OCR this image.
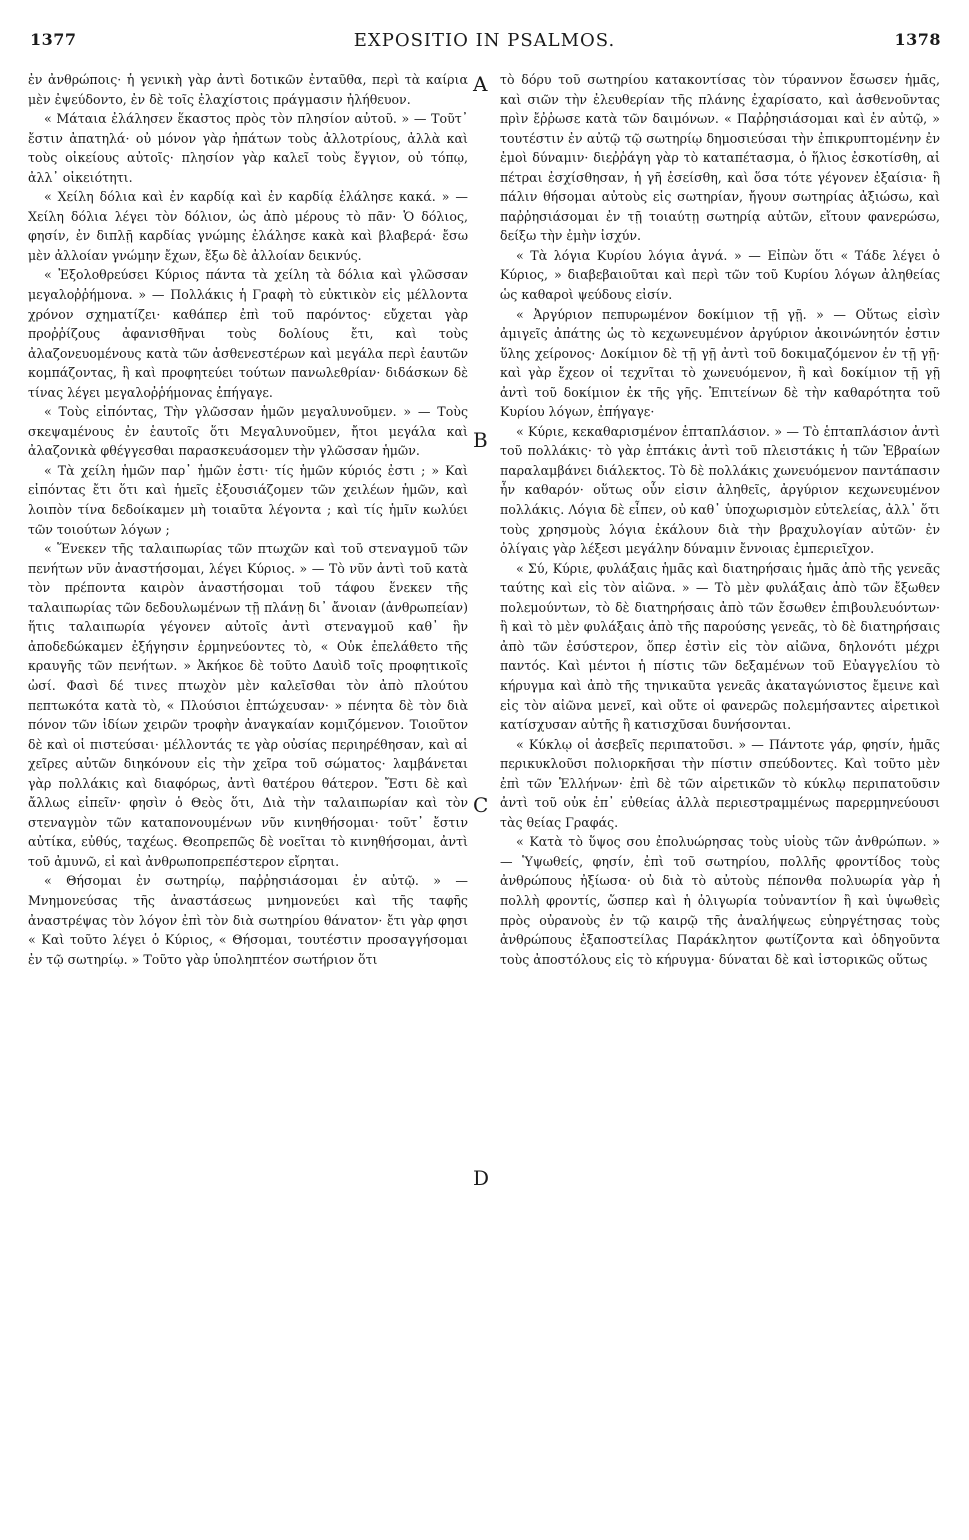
1377	EXPOSITIO IN PSALMOS.	1378
A
B
C
D

ἐν ἀνθρώποις· ἡ γενικὴ γὰρ ἀντὶ δοτικῶν ἐνταῦθα, περὶ τὰ καίρια μὲν ἐψεύδοντο, ἐν δὲ τοῖς ἐλαχίστοις πράγμασιν ἠλήθευον.

« Μάταια ἐλάλησεν ἕκαστος πρὸς τὸν πλησίον αὐτοῦ. » — Τοῦτ᾽ ἔστιν ἀπατηλά· οὐ μόνον γὰρ ἠπάτων τοὺς ἀλλοτρίους, ἀλλὰ καὶ τοὺς οἰκείους αὐτοῖς· πλησίον γὰρ καλεῖ τοὺς ἔγγιον, οὐ τόπῳ, ἀλλ᾽ οἰκειότητι.

« Χείλη δόλια καὶ ἐν καρδίᾳ καὶ ἐν καρδίᾳ ἐλάλησε κακά. » — Χείλη δόλια λέγει τὸν δόλιον, ὡς ἀπὸ μέρους τὸ πᾶν· Ὁ δόλιος, φησίν, ἐν διπλῇ καρδίας γνώμης ἐλάλησε κακὰ καὶ βλαβερά· ἔσω μὲν ἀλλοίαν γνώμην ἔχων, ἔξω δὲ ἀλλοίαν δεικνύς.

« Ἐξολοθρεύσει Κύριος πάντα τὰ χείλη τὰ δόλια καὶ γλῶσσαν μεγαλοῤῥήμονα. » — Πολλάκις ἡ Γραφὴ τὸ εὐκτικὸν εἰς μέλλοντα χρόνον σχηματίζει· καθάπερ ἐπὶ τοῦ παρόντος· εὔχεται γὰρ προῤῥίζους ἀφανισθῆναι τοὺς δολίους ἔτι, καὶ τοὺς ἀλαζονευομένους κατὰ τῶν ἀσθενεστέρων καὶ μεγάλα περὶ ἑαυτῶν κομπάζοντας, ἢ καὶ προφητεύει τούτων πανωλεθρίαν· διδάσκων δὲ τίνας λέγει μεγαλοῤῥήμονας ἐπήγαγε.

« Τοὺς εἰπόντας, Τὴν γλῶσσαν ἡμῶν μεγαλυνοῦμεν. » — Τοὺς σκεψαμένους ἐν ἑαυτοῖς ὅτι Μεγαλυνοῦμεν, ἤτοι μεγάλα καὶ ἀλαζονικὰ φθέγγεσθαι παρασκευάσομεν τὴν γλῶσσαν ἡμῶν.

« Τὰ χείλη ἡμῶν παρ᾽ ἡμῶν ἐστι· τίς ἡμῶν κύριός ἐστι ; » Καὶ εἰπόντας ἔτι ὅτι καὶ ἡμεῖς ἐξουσιάζομεν τῶν χειλέων ἡμῶν, καὶ λοιπὸν τίνα δεδοίκαμεν μὴ τοιαῦτα λέγοντα ; καὶ τίς ἡμῖν κωλύει τῶν τοιούτων λόγων ;

« Ἕνεκεν τῆς ταλαιπωρίας τῶν πτωχῶν καὶ τοῦ στεναγμοῦ τῶν πενήτων νῦν ἀναστήσομαι, λέγει Κύριος. » — Τὸ νῦν ἀντὶ τοῦ κατὰ τὸν πρέποντα καιρὸν ἀναστήσομαι τοῦ τάφου ἕνεκεν τῆς ταλαιπωρίας τῶν δεδουλωμένων τῇ πλάνῃ δι᾽ ἄνοιαν (ἀνθρωπείαν) ἥτις ταλαιπωρία γέγονεν αὐτοῖς ἀντὶ στεναγμοῦ καθ᾽ ἣν ἀποδεδώκαμεν ἐξήγησιν ἑρμηνεύοντες τὸ, « Οὐκ ἐπελάθετο τῆς κραυγῆς τῶν πενήτων. » Ἀκήκοε δὲ τοῦτο Δαυὶδ τοῖς προφητικοῖς ὠσί. Φασὶ δέ τινες πτωχὸν μὲν καλεῖσθαι τὸν ἀπὸ πλούτου πεπτωκότα κατὰ τὸ, « Πλούσιοι ἐπτώχευσαν· » πένητα δὲ τὸν διὰ πόνον τῶν ἰδίων χειρῶν τροφὴν ἀναγκαίαν κομιζόμενον. Τοιοῦτον δὲ καὶ οἱ πιστεύσαι· μέλλοντάς τε γὰρ οὐσίας περιηρέθησαν, καὶ αἱ χεῖρες αὐτῶν διηκόνουν εἰς τὴν χεῖρα τοῦ σώματος· λαμβάνεται γὰρ πολλάκις καὶ διαφόρως, ἀντὶ θατέρου θάτερον. Ἔστι δὲ καὶ ἄλλως εἰπεῖν· φησὶν ὁ Θεὸς ὅτι, Διὰ τὴν ταλαιπωρίαν καὶ τὸν στεναγμὸν τῶν καταπονουμένων νῦν κινηθήσομαι· τοῦτ᾽ ἔστιν αὐτίκα, εὐθύς, ταχέως. Θεοπρεπῶς δὲ νοεῖται τὸ κινηθήσομαι, ἀντὶ τοῦ ἀμυνῶ, εἰ καὶ ἀνθρωποπρεπέστερον εἴρηται.

« Θήσομαι ἐν σωτηρίῳ, παῤῥησιάσομαι ἐν αὐτῷ. » — Μνημονεύσας τῆς ἀναστάσεως μνημονεύει καὶ τῆς ταφῆς ἀναστρέψας τὸν λόγον ἐπὶ τὸν διὰ σωτηρίου θάνατον· ἔτι γὰρ φησι « Καὶ τοῦτο λέγει ὁ Κύριος, « Θήσομαι, τουτέστιν προσαγγήσομαι ἐν τῷ σωτηρίῳ. » Τοῦτο γὰρ ὑποληπτέον σωτήριον ὅτι

τὸ δόρυ τοῦ σωτηρίου κατακοντίσας τὸν τύραννον ἔσωσεν ἡμᾶς, καὶ σιῶν τὴν ἐλευθερίαν τῆς πλάνης ἐχαρίσατο, καὶ ἀσθενοῦντας πρὶν ἔῤῥωσε κατὰ τῶν δαιμόνων. « Παῤῥησιάσομαι καὶ ἐν αὐτῷ, » τουτέστιν ἐν αὐτῷ τῷ σωτηρίῳ δημοσιεύσαι τὴν ἐπικρυπτομένην ἐν ἐμοὶ δύναμιν· διεῤῥάγη γὰρ τὸ καταπέτασμα, ὁ ἥλιος ἐσκοτίσθη, αἱ πέτραι ἐσχίσθησαν, ἡ γῆ ἐσείσθη, καὶ ὅσα τότε γέγονεν ἐξαίσια· ἢ πάλιν θήσομαι αὐτοὺς εἰς σωτηρίαν, ἤγουν σωτηρίας ἀξιώσω, καὶ παῤῥησιάσομαι ἐν τῇ τοιαύτῃ σωτηρίᾳ αὐτῶν, εἴτουν φανερώσω, δείξω τὴν ἐμὴν ἰσχύν.

« Τὰ λόγια Κυρίου λόγια ἁγνά. » — Εἰπὼν ὅτι « Τάδε λέγει ὁ Κύριος, » διαβεβαιοῦται καὶ περὶ τῶν τοῦ Κυρίου λόγων ἀληθείας ὡς καθαροὶ ψεύδους εἰσίν.

« Ἀργύριον πεπυρωμένον δοκίμιον τῇ γῇ. » — Οὕτως εἰσὶν ἀμιγεῖς ἀπάτης ὡς τὸ κεχωνευμένον ἀργύριον ἀκοινώνητόν ἐστιν ὕλης χείρονος· Δοκίμιον δὲ τῇ γῇ ἀντὶ τοῦ δοκιμαζόμενον ἐν τῇ γῇ· καὶ γὰρ ἔχεον οἱ τεχνῖται τὸ χωνευόμενον, ἢ καὶ δοκίμιον τῇ γῇ ἀντὶ τοῦ δοκίμιον ἐκ τῆς γῆς. Ἐπιτείνων δὲ τὴν καθαρότητα τοῦ Κυρίου λόγων, ἐπήγαγε·

« Κύριε, κεκαθαρισμένον ἑπταπλάσιον. » — Τὸ ἑπταπλάσιον ἀντὶ τοῦ πολλάκις· τὸ γὰρ ἑπτάκις ἀντὶ τοῦ πλειστάκις ἡ τῶν Ἑβραίων παραλαμβάνει διάλεκτος. Τὸ δὲ πολλάκις χωνευόμενον παντάπασιν ἦν καθαρόν· οὕτως οὖν εἰσιν ἀληθεῖς, ἀργύριον κεχωνευμένον πολλάκις. Λόγια δὲ εἶπεν, οὐ καθ᾽ ὑποχωρισμὸν εὐτελείας, ἀλλ᾽ ὅτι τοὺς χρησμοὺς λόγια ἐκάλουν διὰ τὴν βραχυλογίαν αὐτῶν· ἐν ὀλίγαις γὰρ λέξεσι μεγάλην δύναμιν ἔννοιας ἐμπεριεῖχον.

« Σύ, Κύριε, φυλάξαις ἡμᾶς καὶ διατηρήσαις ἡμᾶς ἀπὸ τῆς γενεᾶς ταύτης καὶ εἰς τὸν αἰῶνα. » — Τὸ μὲν φυλάξαις ἀπὸ τῶν ἔξωθεν πολεμούντων, τὸ δὲ διατηρήσαις ἀπὸ τῶν ἔσωθεν ἐπιβουλευόντων· ἢ καὶ τὸ μὲν φυλάξαις ἀπὸ τῆς παρούσης γενεᾶς, τὸ δὲ διατηρήσαις ἀπὸ τῶν ἐσύστερον, ὅπερ ἐστὶν εἰς τὸν αἰῶνα, δηλονότι μέχρι παντός. Καὶ μέντοι ἡ πίστις τῶν δεξαμένων τοῦ Εὐαγγελίου τὸ κήρυγμα καὶ ἀπὸ τῆς τηνικαῦτα γενεᾶς ἀκαταγώνιστος ἔμεινε καὶ εἰς τὸν αἰῶνα μενεῖ, καὶ οὔτε οἱ φανερῶς πολεμήσαντες αἱρετικοὶ κατίσχυσαν αὐτῆς ἢ κατισχῦσαι δυνήσονται.

« Κύκλῳ οἱ ἀσεβεῖς περιπατοῦσι. » — Πάντοτε γάρ, φησίν, ἡμᾶς περικυκλοῦσι πολιορκῆσαι τὴν πίστιν σπεύδοντες. Καὶ τοῦτο μὲν ἐπὶ τῶν Ἑλλήνων· ἐπὶ δὲ τῶν αἱρετικῶν τὸ κύκλῳ περιπατοῦσιν ἀντὶ τοῦ οὐκ ἐπ᾽ εὐθείας ἀλλὰ περιεστραμμένως παρερμηνεύουσι τὰς θείας Γραφάς.

« Κατὰ τὸ ὕψος σου ἐπολυώρησας τοὺς υἱοὺς τῶν ἀνθρώπων. » — Ὑψωθείς, φησίν, ἐπὶ τοῦ σωτηρίου, πολλῆς φροντίδος τοὺς ἀνθρώπους ἠξίωσα· οὐ διὰ τὸ αὐτοὺς πέπονθα πολυωρία γὰρ ἡ πολλὴ φροντίς, ὥσπερ καὶ ἡ ὀλιγωρία τοὐναντίον ἢ καὶ ὑψωθεὶς πρὸς οὐρανοὺς ἐν τῷ καιρῷ τῆς ἀναλήψεως εὐηργέτησας τοὺς ἀνθρώπους ἐξαποστείλας Παράκλητον φωτίζοντα καὶ ὁδηγοῦντα τοὺς ἀποστόλους εἰς τὸ κήρυγμα· δύναται δὲ καὶ ἱστορικῶς οὕτως
